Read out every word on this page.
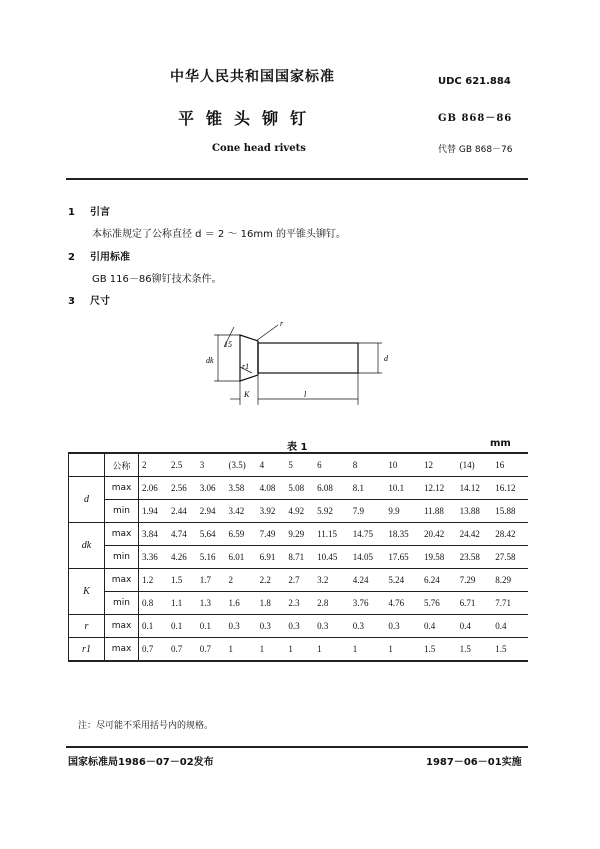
中华人民共和国国家标准	UDC 621.884
平锥头铆钉	GB 868－86
Cone head rivets	代替 GB 868－76
1 引言
本标准规定了公称直径 d ＝ 2 ～ 16mm 的平锥头铆钉。
2 引用标准
GB 116－86铆钉技术条件。
3 尺寸
15
r
dk	d
r1
K	l
表 1	mm
	公称	2	2.5	3	(3.5)	4	5	6	8	10	12	(14)	16
d	max	2.06	2.56	3.06	3.58	4.08	5.08	6.08	8.1	10.1	12.12	14.12	16.12
	min	1.94	2.44	2.94	3.42	3.92	4.92	5.92	7.9	9.9	11.88	13.88	15.88
dk	max	3.84	4.74	5.64	6.59	7.49	9.29	11.15	14.75	18.35	20.42	24.42	28.42
	min	3.36	4.26	5.16	6.01	6.91	8.71	10.45	14.05	17.65	19.58	23.58	27.58
K	max	1.2	1.5	1.7	2	2.2	2.7	3.2	4.24	5.24	6.24	7.29	8.29
	min	0.8	1.1	1.3	1.6	1.8	2.3	2.8	3.76	4.76	5.76	6.71	7.71
r	max	0.1	0.1	0.1	0.3	0.3	0.3	0.3	0.3	0.3	0.4	0.4	0.4
r1	max	0.7	0.7	0.7	1	1	1	1	1	1	1.5	1.5	1.5
注：尽可能不采用括号内的规格。
国家标准局1986－07－02发布	1987－06－01实施
